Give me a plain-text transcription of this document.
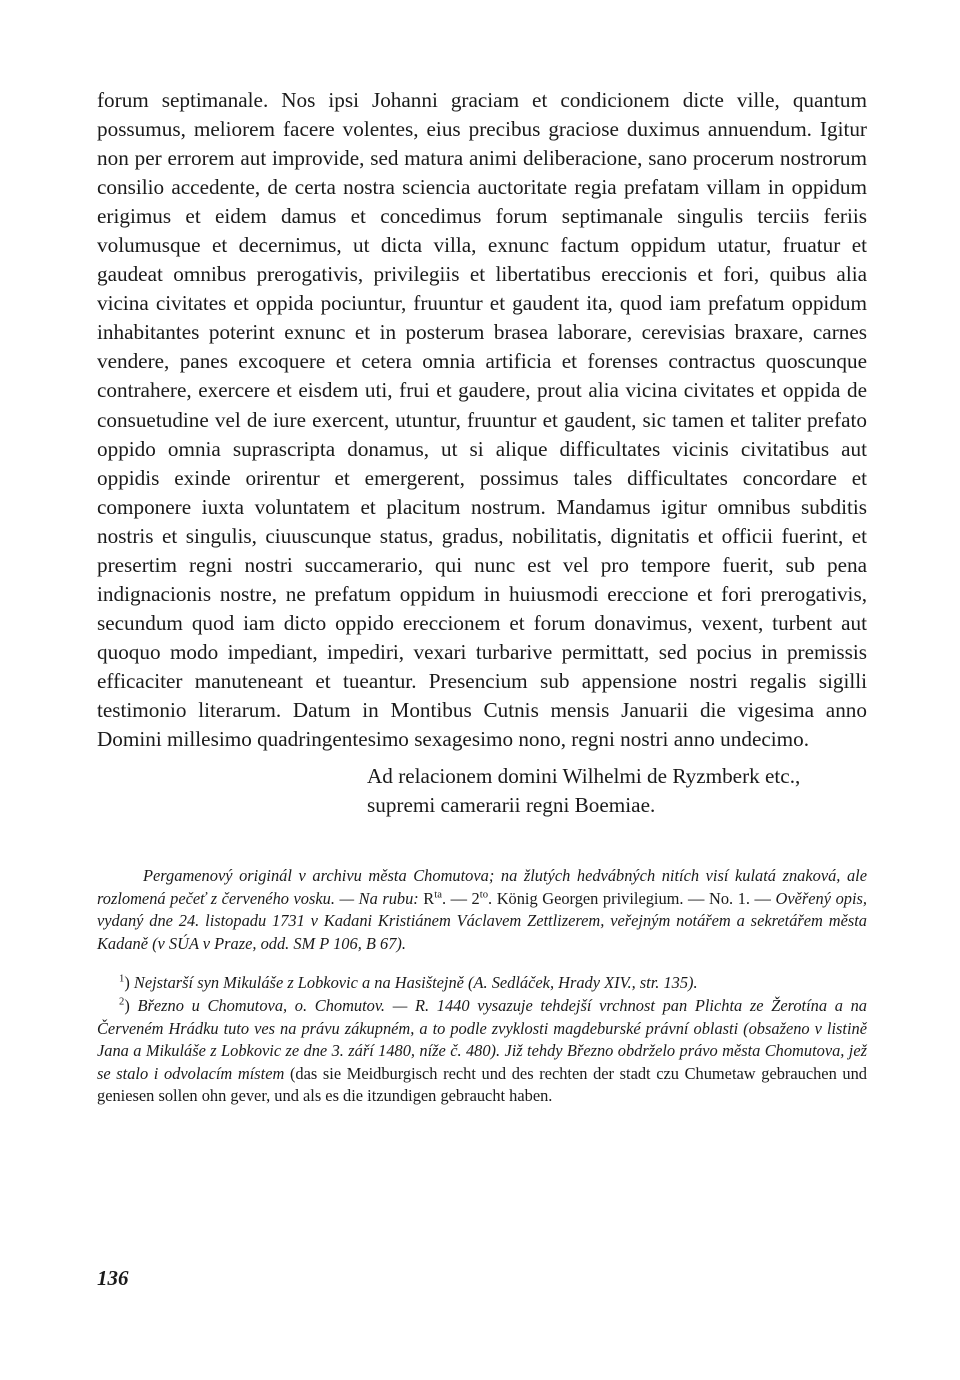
forum septimanale. Nos ipsi Johanni graciam et condicionem dicte ville, quantum possumus, meliorem facere volentes, eius precibus graciose duximus annuendum. Igitur non per errorem aut improvide, sed matura animi deliberacione, sano procerum nostrorum consilio accedente, de certa nostra sciencia auctoritate regia prefatam villam in oppidum erigimus et eidem damus et concedimus forum septimanale singulis terciis feriis volumusque et decernimus, ut dicta villa, exnunc factum oppidum utatur, fruatur et gaudeat omnibus prerogativis, privilegiis et libertatibus ereccionis et fori, quibus alia vicina civitates et oppida pociuntur, fruuntur et gaudent ita, quod iam prefatum oppidum inhabitantes poterint exnunc et in posterum brasea laborare, cerevisias braxare, carnes vendere, panes excoquere et cetera omnia artificia et forenses contractus quoscunque contrahere, exercere et eisdem uti, frui et gaudere, prout alia vicina civitates et oppida de consuetudine vel de iure exercent, utuntur, fruuntur et gaudent, sic tamen et taliter prefato oppido omnia suprascripta donamus, ut si alique difficultates vicinis civitatibus aut oppidis exinde orirentur et emergerent, possimus tales difficultates concordare et componere iuxta voluntatem et placitum nostrum. Mandamus igitur omnibus subditis nostris et singulis, ciuuscunque status, gradus, nobilitatis, dignitatis et officii fuerint, et presertim regni nostri succamerario, qui nunc est vel pro tempore fuerit, sub pena indignacionis nostre, ne prefatum oppidum in huiusmodi ereccione et fori prerogativis, secundum quod iam dicto oppido ereccionem et forum donavimus, vexent, turbent aut quoquo modo impediant, impediri, vexari turbarive permittatt, sed pocius in premissis efficaciter manuteneant et tueantur. Presencium sub appensione nostri regalis sigilli testimonio literarum. Datum in Montibus Cutnis mensis Januarii die vigesima anno Domini millesimo quadringentesimo sexagesimo nono, regni nostri anno undecimo.

Ad relacionem domini Wilhelmi de Ryzmberk etc.,
supremi camerarii regni Boemiae.

Pergamenový originál v archivu města Chomutova; na žlutých hedvábných nitích visí kulatá znaková, ale rozlomená pečeť z červeného vosku. — Na rubu: $R^{ta}$. — $2^{to}$. König Georgen privilegium. — No. 1. — Ověřený opis, vydaný dne 24. listopadu 1731 v Kadani Kristiánem Václavem Zettlizerem, veřejným notářem a sekretářem města Kadaně (v SÚA v Praze, odd. SM P 106, B 67).

$^1$) Nejstarší syn Mikuláše z Lobkovic a na Hasištejně (A. Sedláček, Hrady XIV., str. 135).

$^2$) Březno u Chomutova, o. Chomutov. — R. 1440 vysazuje tehdejší vrchnost pan Plichta ze Žerotína a na Červeném Hrádku tuto ves na právu zákupném, a to podle zvyklosti magdeburské právní oblasti (obsaženo v listině Jana a Mikuláše z Lobkovic ze dne 3. září 1480, níže č. 480). Již tehdy Březno obdrželo právo města Chomutova, jež se stalo i odvolacím místem (das sie Meidburgisch recht und des rechten der stadt czu Chumetaw gebrauchen und geniesen sollen ohn gever, und als es die itzundigen gebraucht haben.

136
